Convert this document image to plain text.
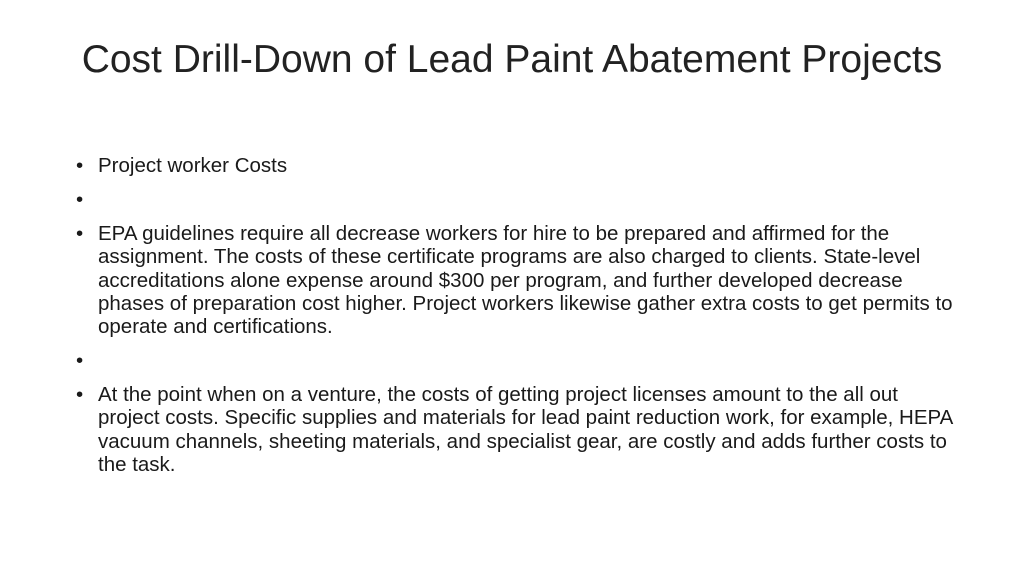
Cost Drill-Down of Lead Paint Abatement Projects
• Project worker Costs
•
• EPA guidelines require all decrease workers for hire to be prepared and affirmed for the assignment. The costs of these certificate programs are also charged to clients. State-level accreditations alone expense around $300 per program, and further developed decrease phases of preparation cost higher. Project workers likewise gather extra costs to get permits to operate and certifications.
•
• At the point when on a venture, the costs of getting project licenses amount to the all out project costs. Specific supplies and materials for lead paint reduction work, for example, HEPA vacuum channels, sheeting materials, and specialist gear, are costly and adds further costs to the task.
